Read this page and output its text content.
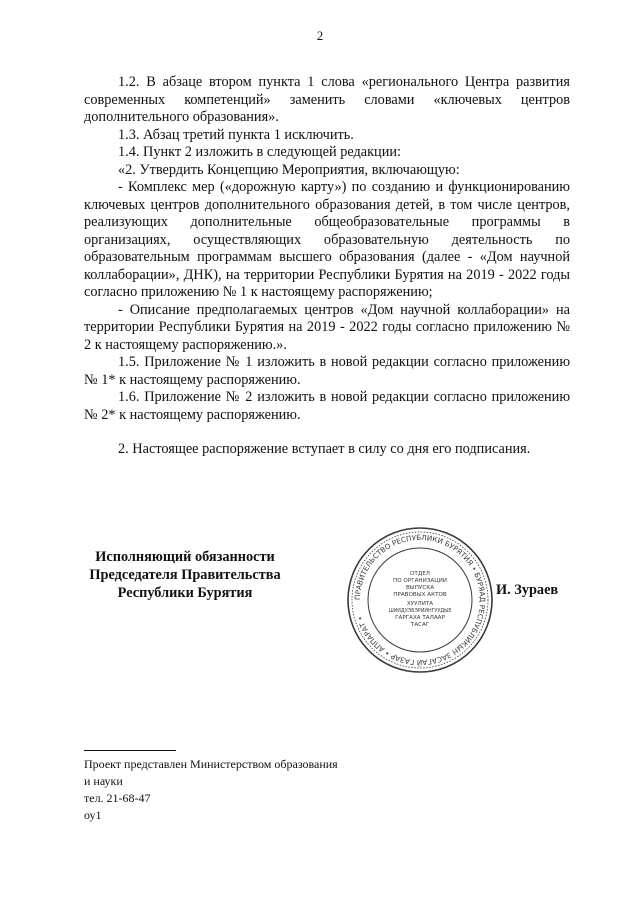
2

1.2. В абзаце втором пункта 1 слова «регионального Центра развития современных компетенций» заменить словами «ключевых центров дополнительного образования».

1.3. Абзац третий пункта 1 исключить.

1.4. Пункт 2 изложить в следующей редакции:

«2. Утвердить Концепцию Мероприятия, включающую:

- Комплекс мер («дорожную карту») по созданию и функционированию ключевых центров дополнительного образования детей, в том числе центров, реализующих дополнительные общеобразовательные программы в организациях, осуществляющих образовательную деятельность по образовательным программам высшего образования (далее - «Дом научной коллаборации», ДНК), на территории Республики Бурятия на 2019 - 2022 годы согласно приложению № 1 к настоящему распоряжению;

- Описание предполагаемых центров «Дом научной коллаборации» на территории Республики Бурятия на 2019 - 2022 годы согласно приложению № 2 к настоящему распоряжению.».

1.5. Приложение № 1 изложить в новой редакции согласно приложению № 1* к настоящему распоряжению.

1.6. Приложение № 2 изложить в новой редакции согласно приложению № 2* к настоящему распоряжению.

2. Настоящее распоряжение вступает в силу со дня его подписания.

Исполняющий обязанности
Председателя Правительства
Республики Бурятия	ПРАВИТЕЛЬСТВО РЕСПУБЛИКИ БУРЯТИЯ • БУРЯАД РЕСПУБЛИКЫН ЗАСАГАЙ ГАЗАР • АППАРАТ •
ОТДЕЛ
ПО ОРГАНИЗАЦИИ
ВЫПУСКА
ПРАВОВЫХ АКТОВ
ХУУЛИТА
ШИИДХЭБЭРИИНГУУДЫЕ
ГАРГАХА ТАЛААР
ТАСАГ
И. Зураев
Проект представлен Министерством образования
и науки
тел. 21-68-47
оу1
